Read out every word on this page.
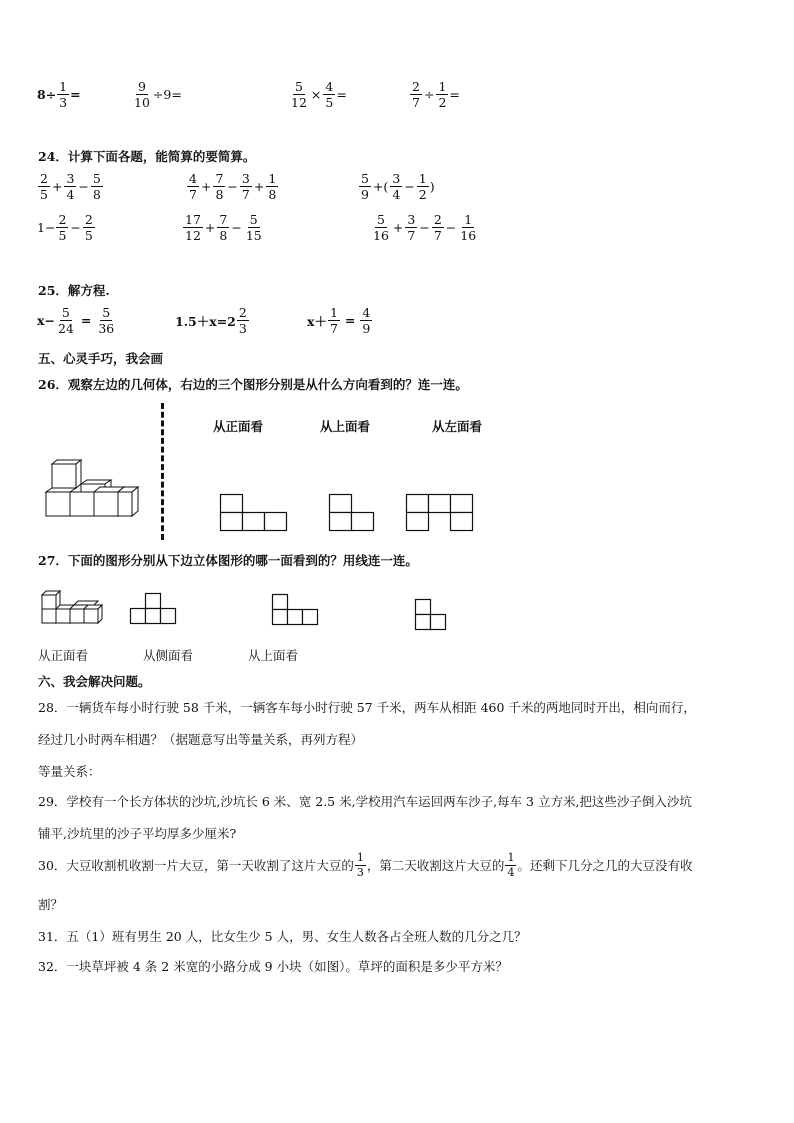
$8\div \frac{1}{3}$ =	$\frac{9}{10} \div 9=$	$\frac{5}{12} \times \frac{4}{5}$ =	$\frac{2}{7} \div \frac{1}{2}$ =
24．计算下面各题，能简算的要简算。
$\frac{2}{5} + \frac{3}{4} - \frac{5}{8}$	$\frac{4}{7} + \frac{7}{8} - \frac{3}{7} + \frac{1}{8}$	$\frac{5}{9}$ +( $\frac{3}{4} - \frac{1}{2}$ )
$1- \frac{2}{5} - \frac{2}{5}$	$\frac{17}{12} + \frac{7}{8} - \frac{5}{15}$	$\frac{5}{16} + \frac{3}{7} - \frac{2}{7} - \frac{1}{16}$
25．解方程.
$x- \frac{5}{24} = \frac{5}{36}$	$1.5+x=2 \frac{2}{3}$	$x+ \frac{1}{7} = \frac{4}{9}$
五、心灵手巧，我会画
26．观察左边的几何体，右边的三个图形分别是从什么方向看到的？连一连。
从正面看	从上面看	从左面看
27．下面的图形分别从下边立体图形的哪一面看到的？用线连一连。
从正面看	从侧面看	从上面看
六、我会解决问题。
28．一辆货车每小时行驶 58 千米，一辆客车每小时行驶 57 千米，两车从相距 460 千米的两地同时开出，相向而行，
经过几小时两车相遇？（据题意写出等量关系，再列方程）
等量关系：
29．学校有一个长方体状的沙坑,沙坑长 6 米、宽 2.5 米,学校用汽车运回两车沙子,每车 3 立方米,把这些沙子倒入沙坑
铺平,沙坑里的沙子平均厚多少厘米?
30．大豆收割机收割一片大豆，第一天收割了这片大豆的 $\frac{1}{3}$ ，第二天收割这片大豆的 $\frac{1}{4}$ 。还剩下几分之几的大豆没有收
割？
31．五（1）班有男生 20 人，比女生少 5 人，男、女生人数各占全班人数的几分之几？
32．一块草坪被 4 条 2 米宽的小路分成 9 小块（如图）。草坪的面积是多少平方米？
